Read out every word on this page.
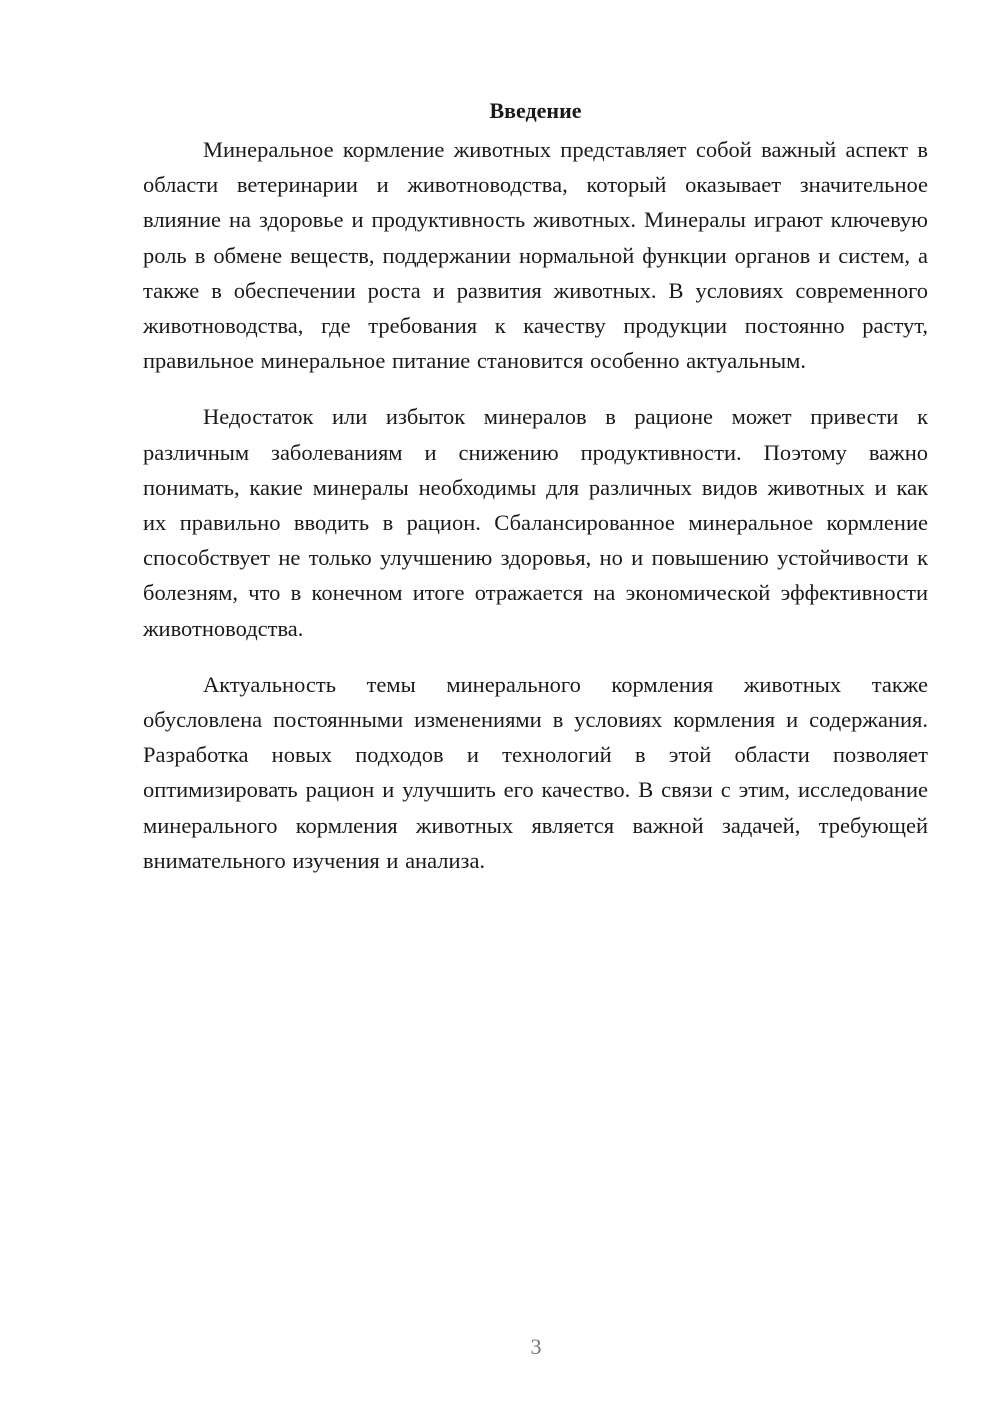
Введение

Минеральное кормление животных представляет собой важный аспект в области ветеринарии и животноводства, который оказывает значительное влияние на здоровье и продуктивность животных. Минералы играют ключевую роль в обмене веществ, поддержании нормальной функции органов и систем, а также в обеспечении роста и развития животных. В условиях современного животноводства, где требования к качеству продукции постоянно растут, правильное минеральное питание становится особенно актуальным.

Недостаток или избыток минералов в рационе может привести к различным заболеваниям и снижению продуктивности. Поэтому важно понимать, какие минералы необходимы для различных видов животных и как их правильно вводить в рацион. Сбалансированное минеральное кормление способствует не только улучшению здоровья, но и повышению устойчивости к болезням, что в конечном итоге отражается на экономической эффективности животноводства.

Актуальность темы минерального кормления животных также обусловлена постоянными изменениями в условиях кормления и содержания. Разработка новых подходов и технологий в этой области позволяет оптимизировать рацион и улучшить его качество. В связи с этим, исследование минерального кормления животных является важной задачей, требующей внимательного изучения и анализа.

3
